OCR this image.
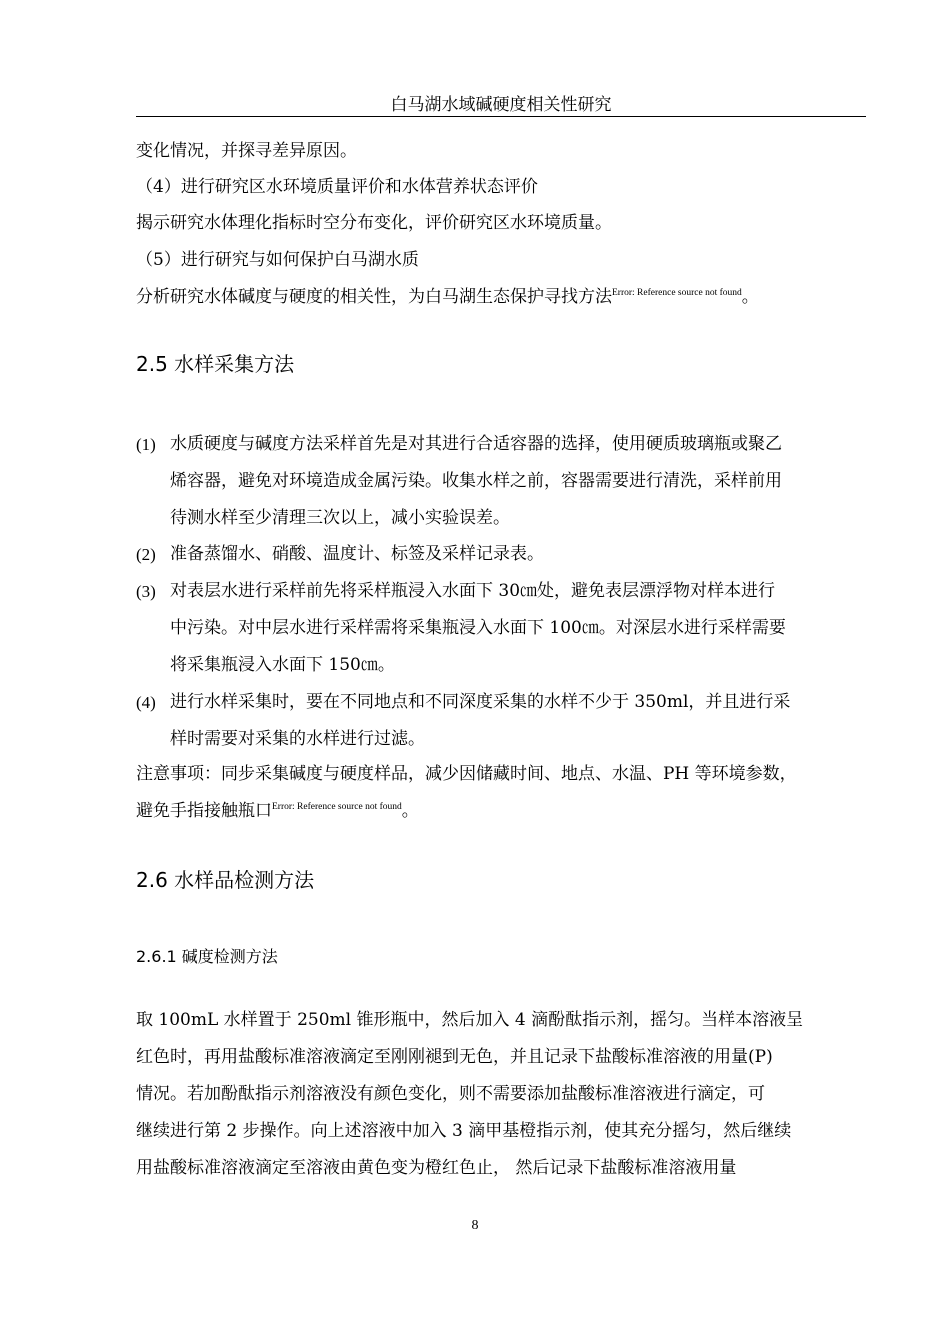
白马湖水域碱硬度相关性研究
变化情况，并探寻差异原因。
（4）进行研究区水环境质量评价和水体营养状态评价
揭示研究水体理化指标时空分布变化，评价研究区水环境质量。
（5）进行研究与如何保护白马湖水质
分析研究水体碱度与硬度的相关性，为白马湖生态保护寻找方法$^{Error: Reference source not found}$。
2.5 水样采集方法
(1) 水质硬度与碱度方法采样首先是对其进行合适容器的选择，使用硬质玻璃瓶或聚乙
烯容器，避免对环境造成金属污染。收集水样之前，容器需要进行清洗，采样前用
待测水样至少清理三次以上，减小实验误差。
(2) 准备蒸馏水、硝酸、温度计、标签及采样记录表。
(3) 对表层水进行采样前先将采样瓶浸入水面下 30㎝处，避免表层漂浮物对样本进行
中污染。对中层水进行采样需将采集瓶浸入水面下 100㎝。对深层水进行采样需要
将采集瓶浸入水面下 150㎝。
(4) 进行水样采集时，要在不同地点和不同深度采集的水样不少于 350ml，并且进行采
样时需要对采集的水样进行过滤。
注意事项：同步采集碱度与硬度样品，减少因储藏时间、地点、水温、PH 等环境参数，
避免手指接触瓶口$^{Error: Reference source not found}$。
2.6 水样品检测方法
2.6.1 碱度检测方法
取 100mL 水样置于 250ml 锥形瓶中，然后加入 4 滴酚酞指示剂，摇匀。当样本溶液呈
红色时，再用盐酸标准溶液滴定至刚刚褪到无色，并且记录下盐酸标准溶液的用量(P)
情况。若加酚酞指示剂溶液没有颜色变化，则不需要添加盐酸标准溶液进行滴定，可
继续进行第 2 步操作。向上述溶液中加入 3 滴甲基橙指示剂，使其充分摇匀，然后继续
用盐酸标准溶液滴定至溶液由黄色变为橙红色止， 然后记录下盐酸标准溶液用量
8
